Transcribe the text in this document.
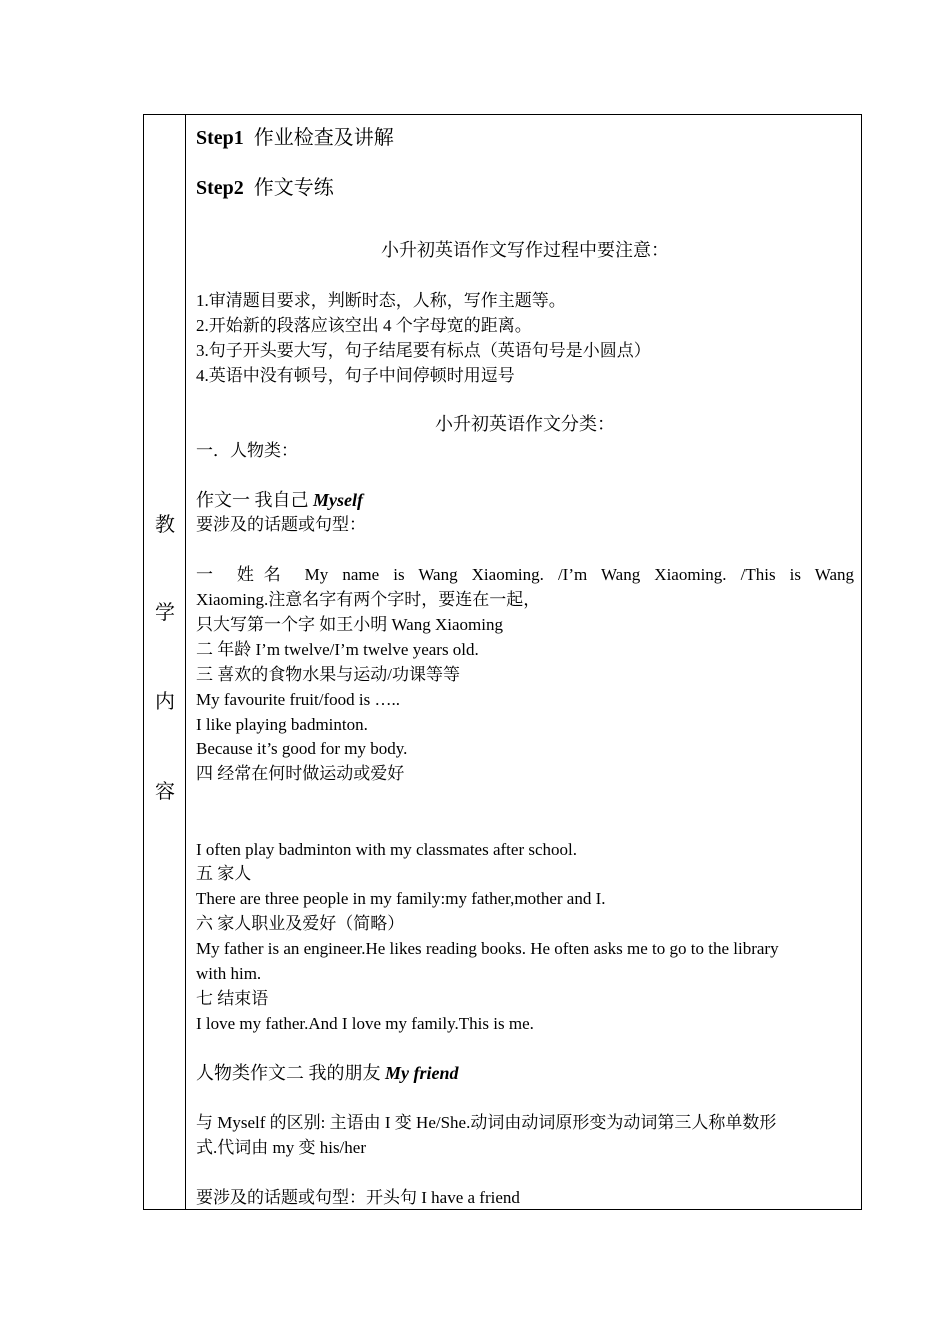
教
学
内
容
Step1 作业检查及讲解
Step2 作文专练
小升初英语作文写作过程中要注意：
1.审清题目要求，判断时态，人称，写作主题等。
2.开始新的段落应该空出 4 个字母宽的距离。
3.句子开头要大写，句子结尾要有标点（英语句号是小圆点）
4.英语中没有顿号，句子中间停顿时用逗号
小升初英语作文分类：
一．人物类：
作文一 我自己 Myself
要涉及的话题或句型：
一 姓名 My name is Wang Xiaoming. /I’m Wang Xiaoming. /This is Wang
Xiaoming.注意名字有两个字时，要连在一起，
只大写第一个字 如王小明 Wang Xiaoming
二 年龄 I’m twelve/I’m twelve years old.
三 喜欢的食物水果与运动/功课等等
My favourite fruit/food is …..
I like playing badminton.
Because it’s good for my body.
四 经常在何时做运动或爱好
I often play badminton with my classmates after school.
五 家人
There are three people in my family:my father,mother and I.
六 家人职业及爱好（简略）
My father is an engineer.He likes reading books. He often asks me to go to the library
with him.
七 结束语
I love my father.And I love my family.This is me.
人物类作文二 我的朋友 My friend
与 Myself 的区别: 主语由 I 变 He/She.动词由动词原形变为动词第三人称单数形
式.代词由 my 变 his/her
要涉及的话题或句型：开头句 I have a friend
